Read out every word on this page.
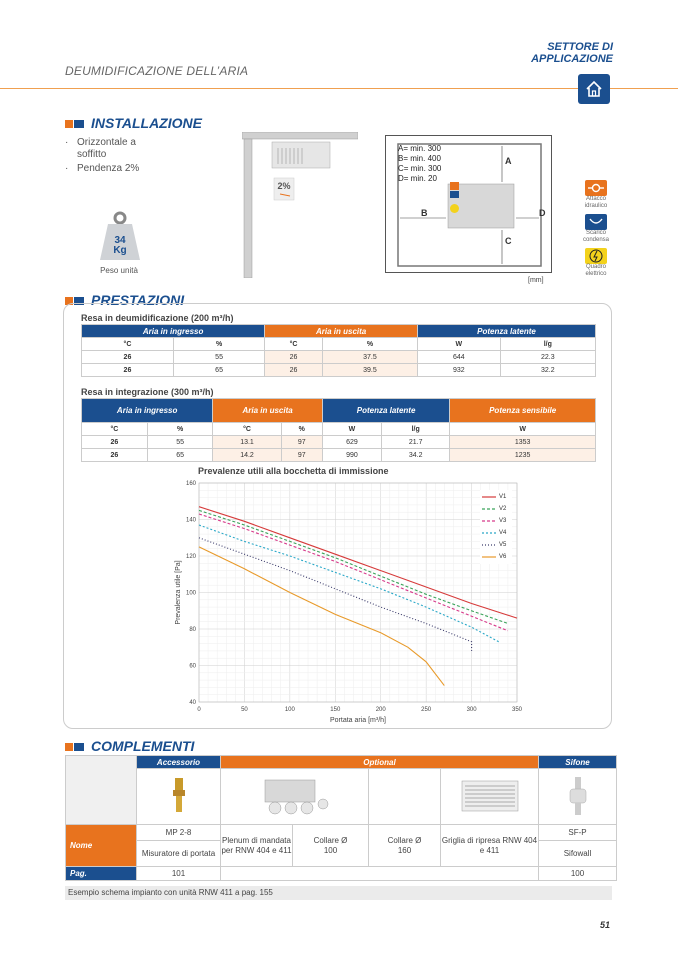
DEUMIDIFICAZIONE DELL’ARIA
SETTORE DI
APPLICAZIONE
INSTALLAZIONE
· Orizzontale a soffitto
· Pendenza 2%
34
Kg
Peso unità
2%
A= min. 300
B= min. 400
C= min. 300
D= min. 20
A
B
C
D
[mm]
Attacco
idraulico
Scarico
condensa
Quadro
elettrico
PRESTAZIONI
Resa in deumidificazione (200 m³/h)
Aria in ingresso		Aria in uscita		Potenza latente	
°C	%	°C	%	W	l/g
26	55	26	37.5	644	22.3
26	65	26	39.5	932	32.2
Resa in integrazione (300 m³/h)
Aria in ingresso		Aria in uscita		Potenza latente		Potenza sensibile
°C	%	°C	%	W	l/g	W
26	55	13.1	97	629	21.7	1353
26	65	14.2	97	990	34.2	1235
Prevalenze utili alla bocchetta di immissione
0	50	100	150	200	250	300	350
40
60
80
100
120
140
160
Portata aria [m³/h]
Prevalenza utile [Pa]
V1
V2
V3
V4
V5
V6
COMPLEMENTI
	Accessorio	Optional				Sifone

Nome	MP 2-8	Plenum di mandata per RNW 404 e 411	Collare Ø 100	Collare Ø 160	Griglia di ripresa RNW 404 e 411	SF-P
	Misuratore di portata					Sifowall
Pag.	101					100
Esempio schema impianto con unità RNW 411 a pag. 155
51
